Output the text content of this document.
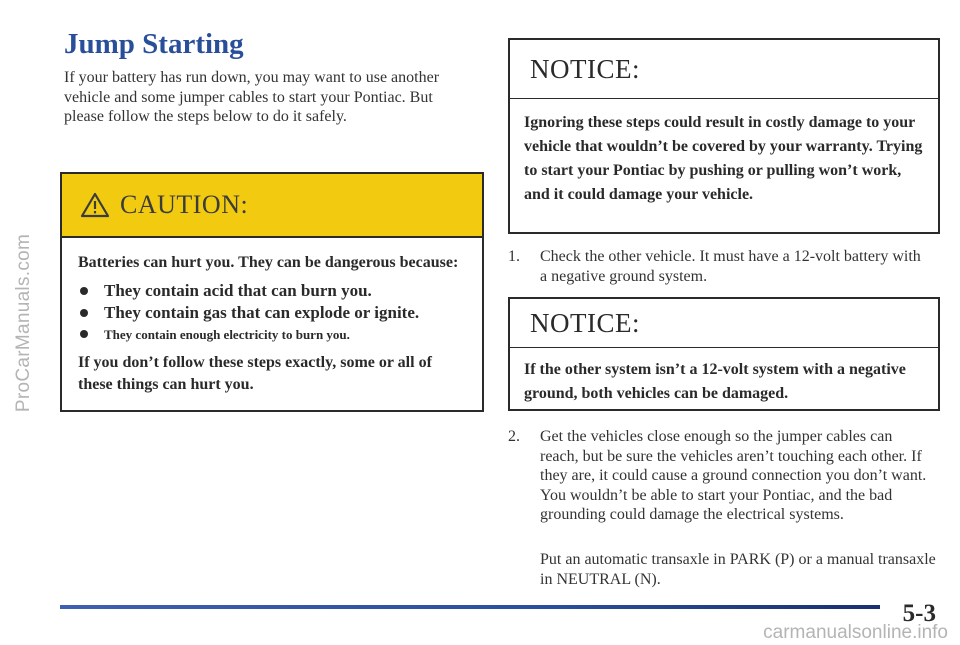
ProCarManuals.com
Jump Starting

If your battery has run down, you may want to use another vehicle and some jumper cables to start your Pontiac. But please follow the steps below to do it safely.

CAUTION:

Batteries can hurt you. They can be dangerous because:

They contain acid that can burn you.
They contain gas that can explode or ignite.
They contain enough electricity to burn you.

If you don’t follow these steps exactly, some or all of these things can hurt you.

NOTICE:
Ignoring these steps could result in costly damage to your vehicle that wouldn’t be covered by your warranty. Trying to start your Pontiac by pushing or pulling won’t work, and it could damage your vehicle.
1. Check the other vehicle. It must have a 12-volt battery with a negative ground system.
NOTICE:
If the other system isn’t a 12-volt system with a negative ground, both vehicles can be damaged.
2. Get the vehicles close enough so the jumper cables can reach, but be sure the vehicles aren’t touching each other. If they are, it could cause a ground connection you don’t want. You wouldn’t be able to start your Pontiac, and the bad grounding could damage the electrical systems.

Put an automatic transaxle in PARK (P) or a manual transaxle in NEUTRAL (N).

5-3
carmanualsonline.info
